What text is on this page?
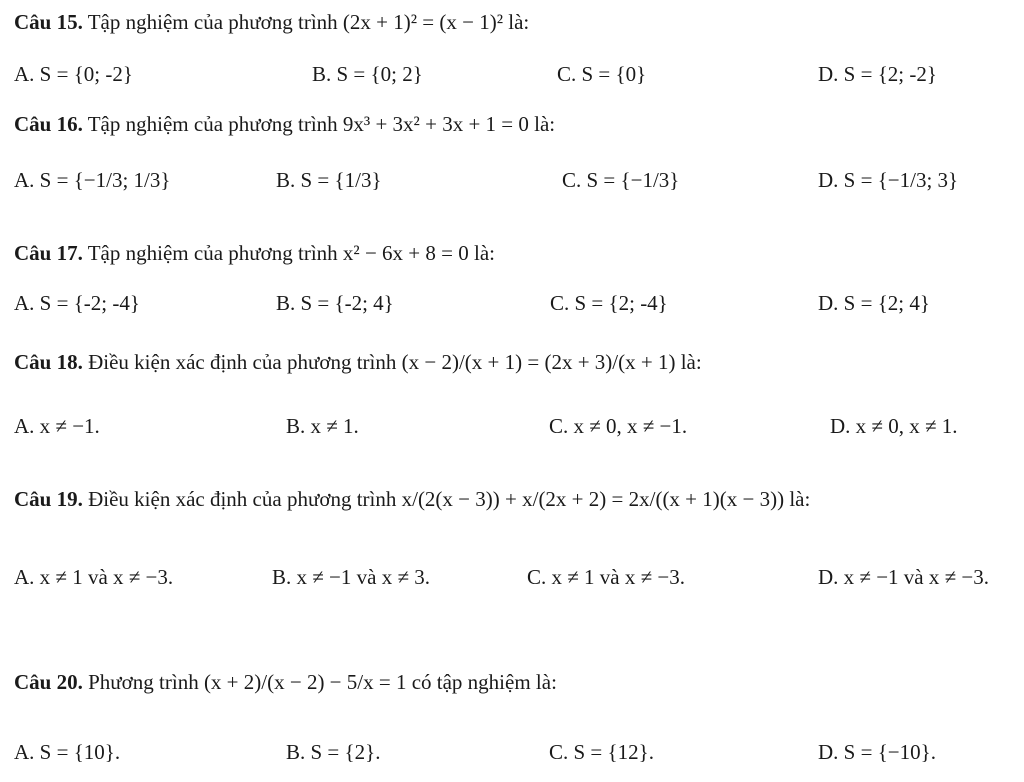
Câu 15. Tập nghiệm của phương trình (2x + 1)² = (x − 1)² là:
A. S = {0; -2}	B. S = {0; 2}	C. S = {0}	D. S = {2; -2}
Câu 16. Tập nghiệm của phương trình 9x³ + 3x² + 3x + 1 = 0 là:
A. S = {−1/3; 1/3}	B. S = {1/3}	C. S = {−1/3}	D. S = {−1/3; 3}
Câu 17. Tập nghiệm của phương trình x² − 6x + 8 = 0 là:
A. S = {-2; -4}	B. S = {-2; 4}	C. S = {2; -4}	D. S = {2; 4}
Câu 18. Điều kiện xác định của phương trình (x − 2)/(x + 1) = (2x + 3)/(x + 1) là:
A. x ≠ −1.	B. x ≠ 1.	C. x ≠ 0, x ≠ −1.	D. x ≠ 0, x ≠ 1.
Câu 19. Điều kiện xác định của phương trình x/(2(x − 3)) + x/(2x + 2) = 2x/((x + 1)(x − 3)) là:
A. x ≠ 1 và x ≠ −3.	B. x ≠ −1 và x ≠ 3.	C. x ≠ 1 và x ≠ −3.	D. x ≠ −1 và x ≠ −3.
Câu 20. Phương trình (x + 2)/(x − 2) − 5/x = 1 có tập nghiệm là:
A. S = {10}.	B. S = {2}.	C. S = {12}.	D. S = {−10}.
